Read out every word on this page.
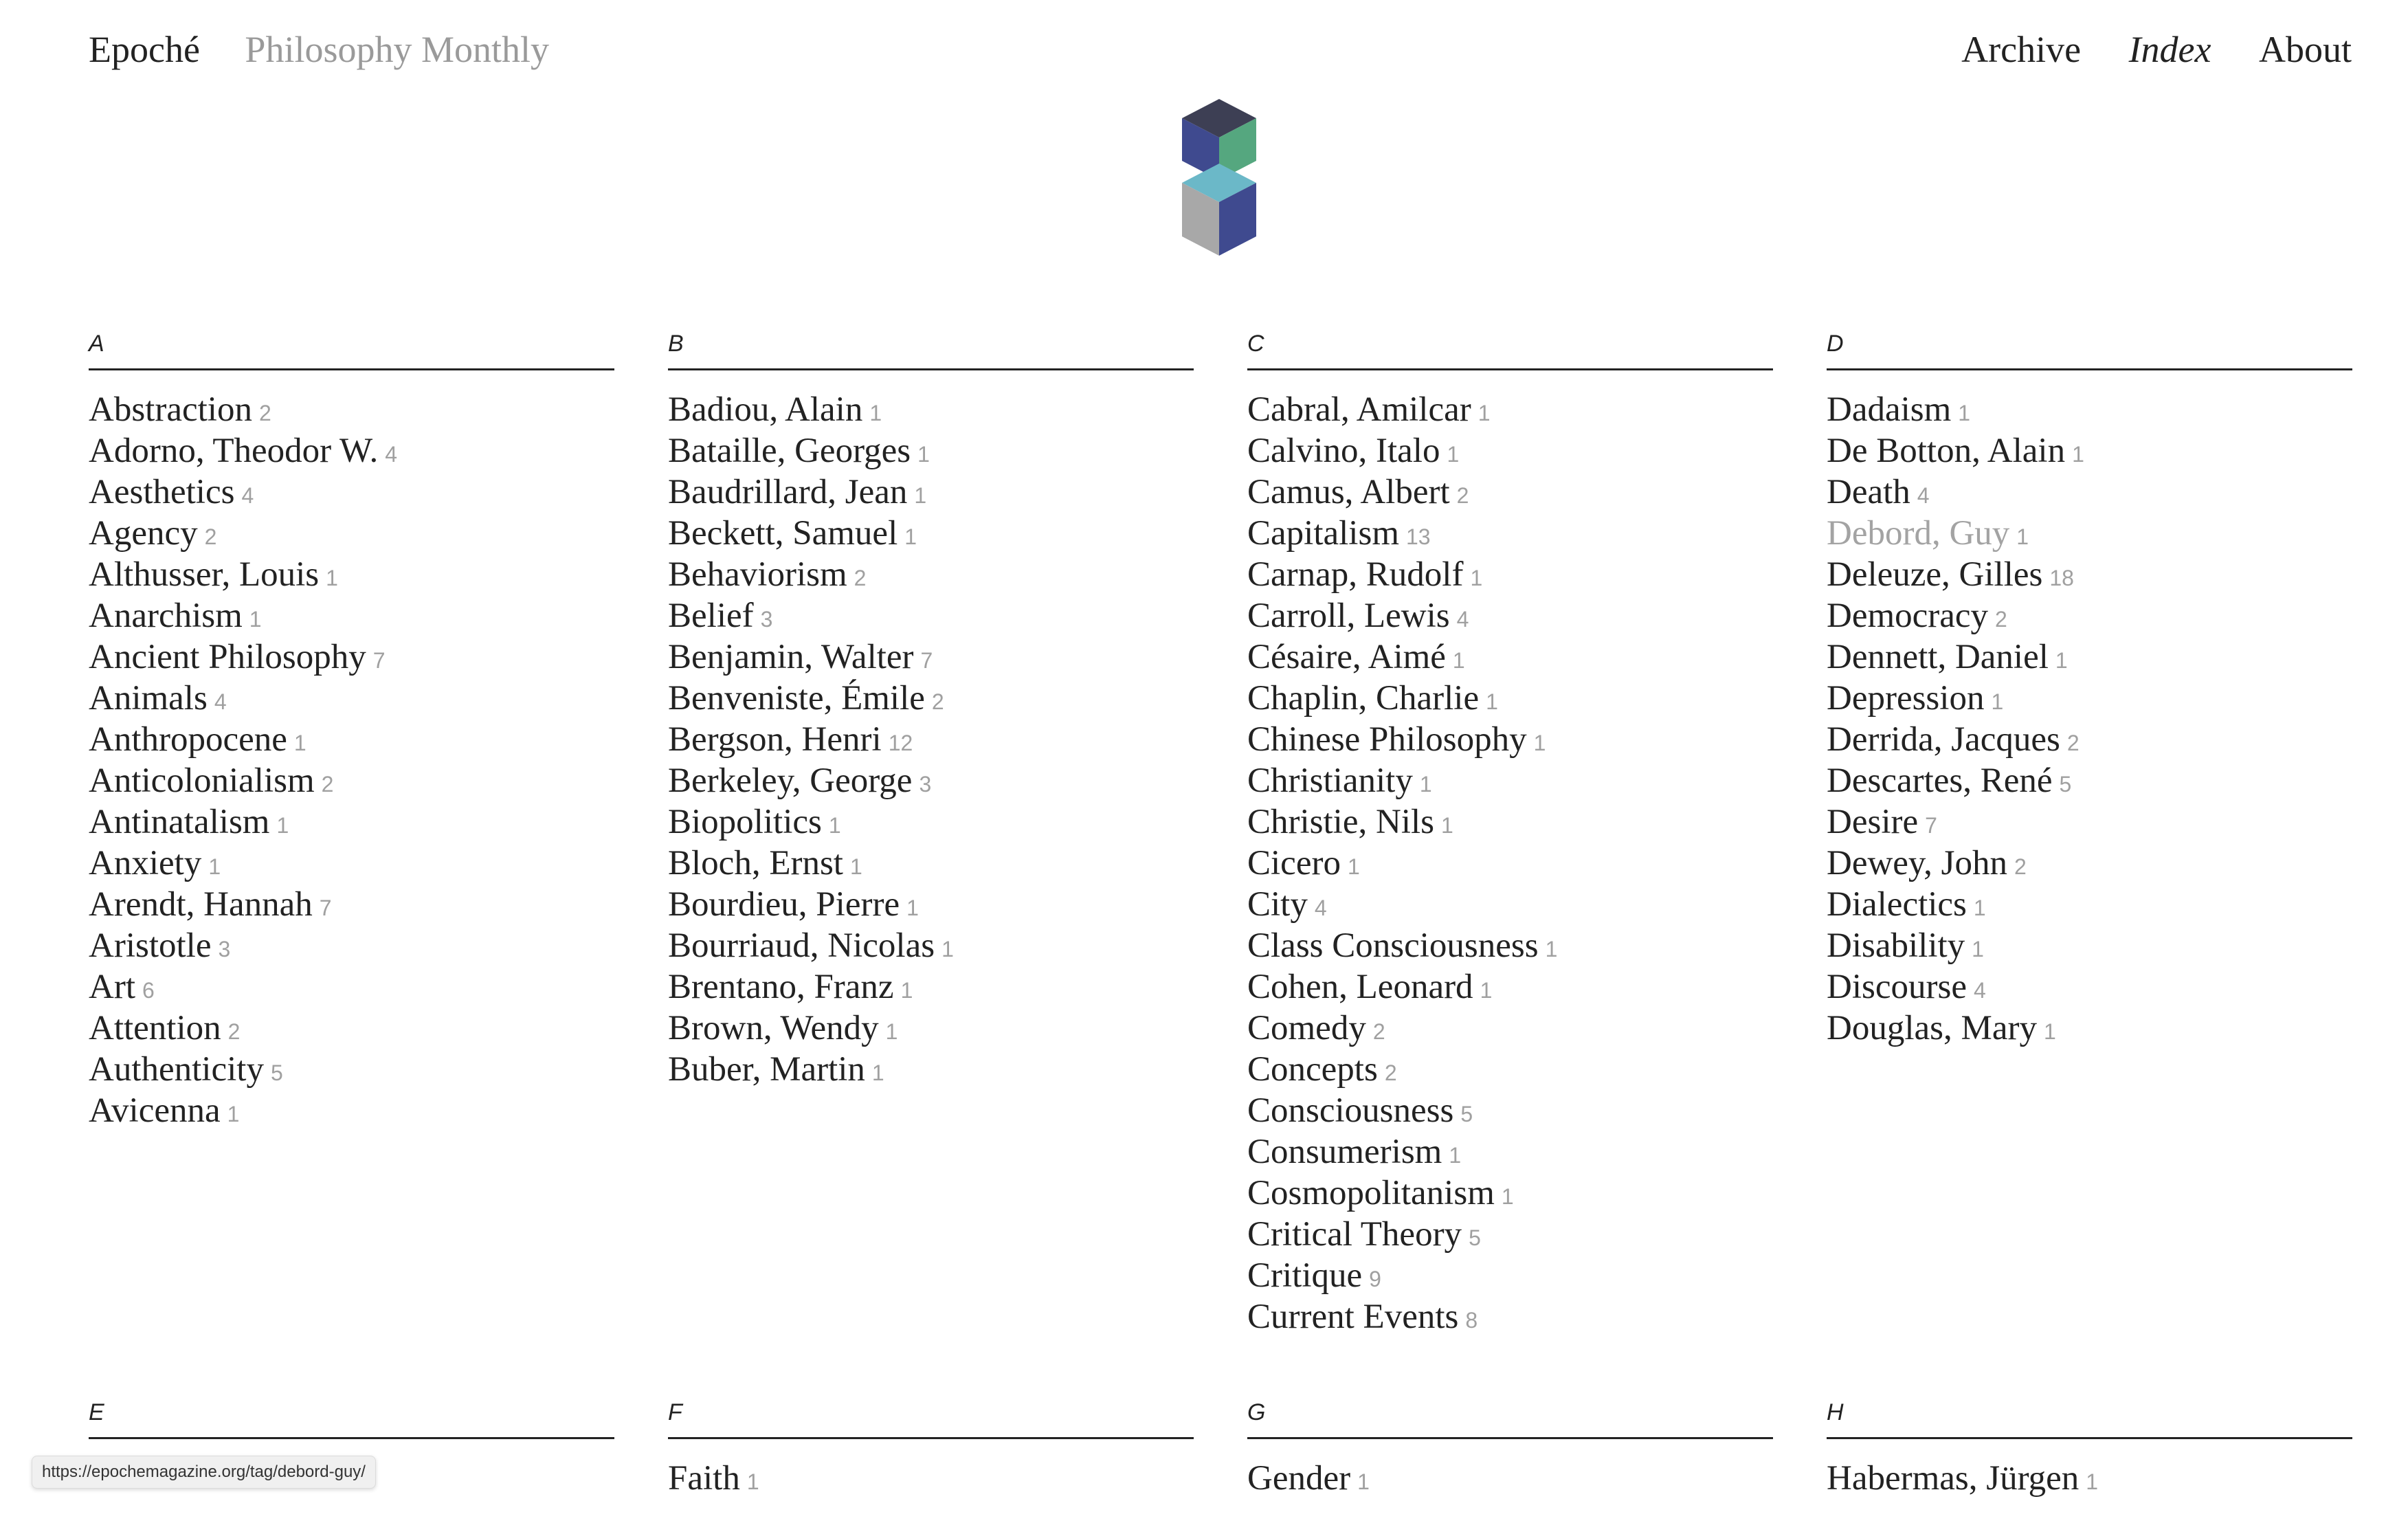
Epoché Philosophy Monthly	Archive Index About
A
Abstraction 2
Adorno, Theodor W. 4
Aesthetics 4
Agency 2
Althusser, Louis 1
Anarchism 1
Ancient Philosophy 7
Animals 4
Anthropocene 1
Anticolonialism 2
Antinatalism 1
Anxiety 1
Arendt, Hannah 7
Aristotle 3
Art 6
Attention 2
Authenticity 5
Avicenna 1
B
Badiou, Alain 1
Bataille, Georges 1
Baudrillard, Jean 1
Beckett, Samuel 1
Behaviorism 2
Belief 3
Benjamin, Walter 7
Benveniste, Émile 2
Bergson, Henri 12
Berkeley, George 3
Biopolitics 1
Bloch, Ernst 1
Bourdieu, Pierre 1
Bourriaud, Nicolas 1
Brentano, Franz 1
Brown, Wendy 1
Buber, Martin 1
C
Cabral, Amilcar 1
Calvino, Italo 1
Camus, Albert 2
Capitalism 13
Carnap, Rudolf 1
Carroll, Lewis 4
Césaire, Aimé 1
Chaplin, Charlie 1
Chinese Philosophy 1
Christianity 1
Christie, Nils 1
Cicero 1
City 4
Class Consciousness 1
Cohen, Leonard 1
Comedy 2
Concepts 2
Consciousness 5
Consumerism 1
Cosmopolitanism 1
Critical Theory 5
Critique 9
Current Events 8
D
Dadaism 1
De Botton, Alain 1
Death 4
Debord, Guy 1
Deleuze, Gilles 18
Democracy 2
Dennett, Daniel 1
Depression 1
Derrida, Jacques 2
Descartes, René 5
Desire 7
Dewey, John 2
Dialectics 1
Disability 1
Discourse 4
Douglas, Mary 1
E	F
Faith 1
G
Gender 1
H
Habermas, Jürgen 1
https://epochemagazine.org/tag/debord-guy/
